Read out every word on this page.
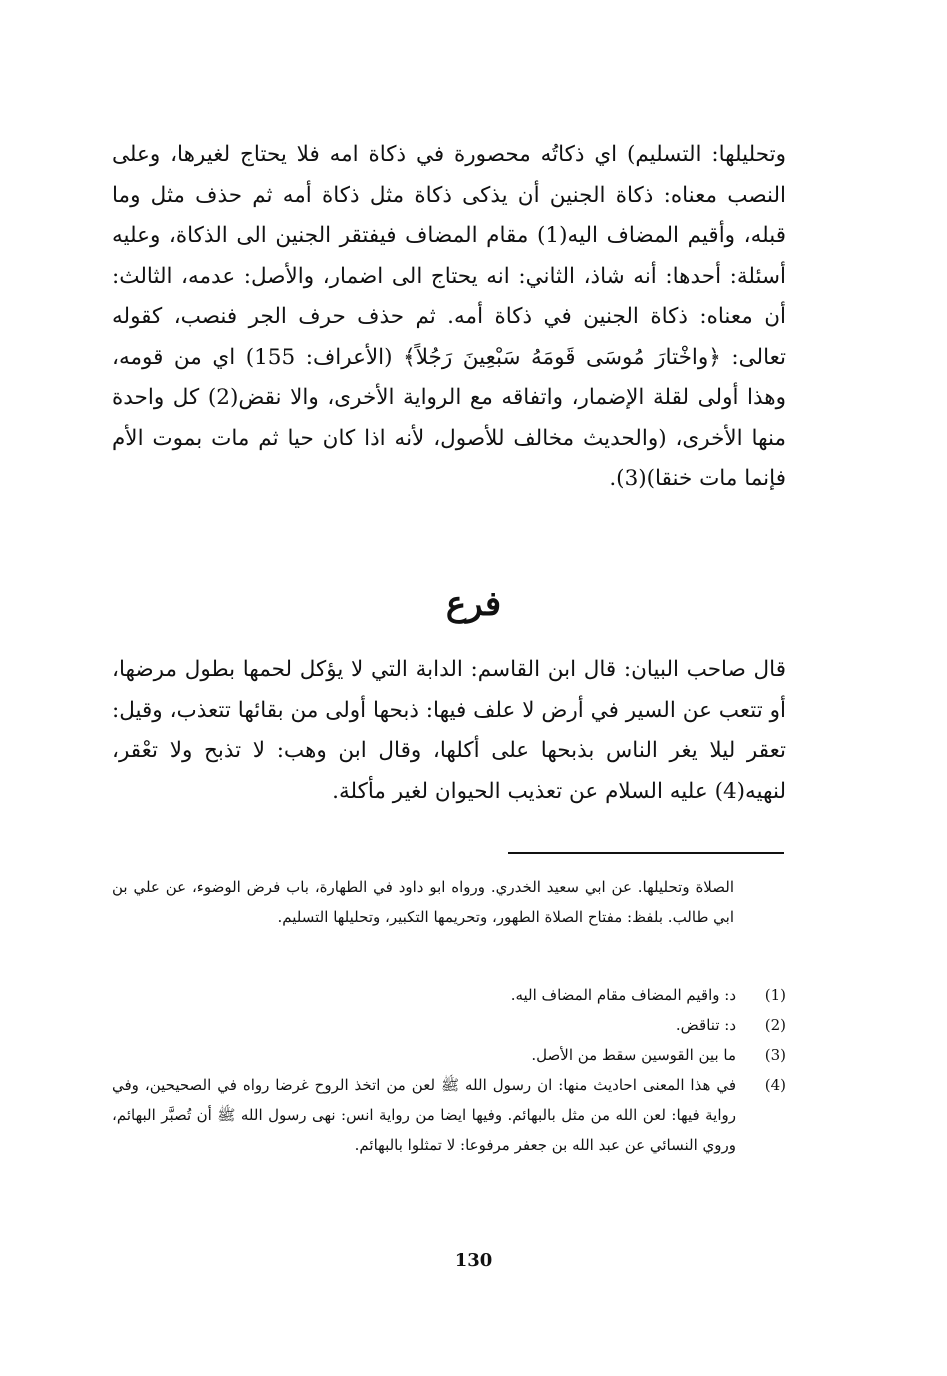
وتحليلها: التسليم) اي ذكاتُه محصورة في ذكاة امه فلا يحتاج لغيرها، وعلى النصب معناه: ذكاة الجنين أن يذكى ذكاة مثل ذكاة أمه ثم حذف مثل وما قبله، وأقيم المضاف اليه(1) مقام المضاف فيفتقر الجنين الى الذكاة، وعليه أسئلة: أحدها: أنه شاذ، الثاني: انه يحتاج الى اضمار، والأصل: عدمه، الثالث: أن معناه: ذكاة الجنين في ذكاة أمه. ثم حذف حرف الجر فنصب، كقوله تعالى: ﴿واخْتارَ مُوسَى قَومَهُ سَبْعِينَ رَجُلاً﴾ (الأعراف: 155) اي من قومه، وهذا أولى لقلة الإضمار، واتفاقه مع الرواية الأخرى، والا نقض(2) كل واحدة منها الأخرى، (والحديث مخالف للأصول، لأنه اذا كان حيا ثم مات بموت الأم فإنما مات خنقا)(3).

فرع

قال صاحب البيان: قال ابن القاسم: الدابة التي لا يؤكل لحمها بطول مرضها، أو تتعب عن السير في أرض لا علف فيها: ذبحها أولى من بقائها تتعذب، وقيل: تعقر ليلا يغر الناس بذبحها على أكلها، وقال ابن وهب: لا تذبح ولا تعْقر، لنهيه(4) عليه السلام عن تعذيب الحيوان لغير مأكلة.

الصلاة وتحليلها. عن ابي سعيد الخدري. ورواه ابو داود في الطهارة، باب فرض الوضوء، عن علي بن ابي طالب. بلفظ: مفتاح الصلاة الطهور، وتحريمها التكبير، وتحليلها التسليم.
(1)
د: واقيم المضاف مقام المضاف اليه.
(2)
د: تناقض.
(3)
ما بين القوسين سقط من الأصل.
(4)
في هذا المعنى احاديث منها: ان رسول الله ﷺ لعن من اتخذ الروح غرضا رواه في الصحيحين، وفي رواية فيها: لعن الله من مثل بالبهائم. وفيها ايضا من رواية انس: نهى رسول الله ﷺ أن تُصبَّر البهائم، وروي النسائي عن عبد الله بن جعفر مرفوعا: لا تمثلوا بالبهائم.
130
